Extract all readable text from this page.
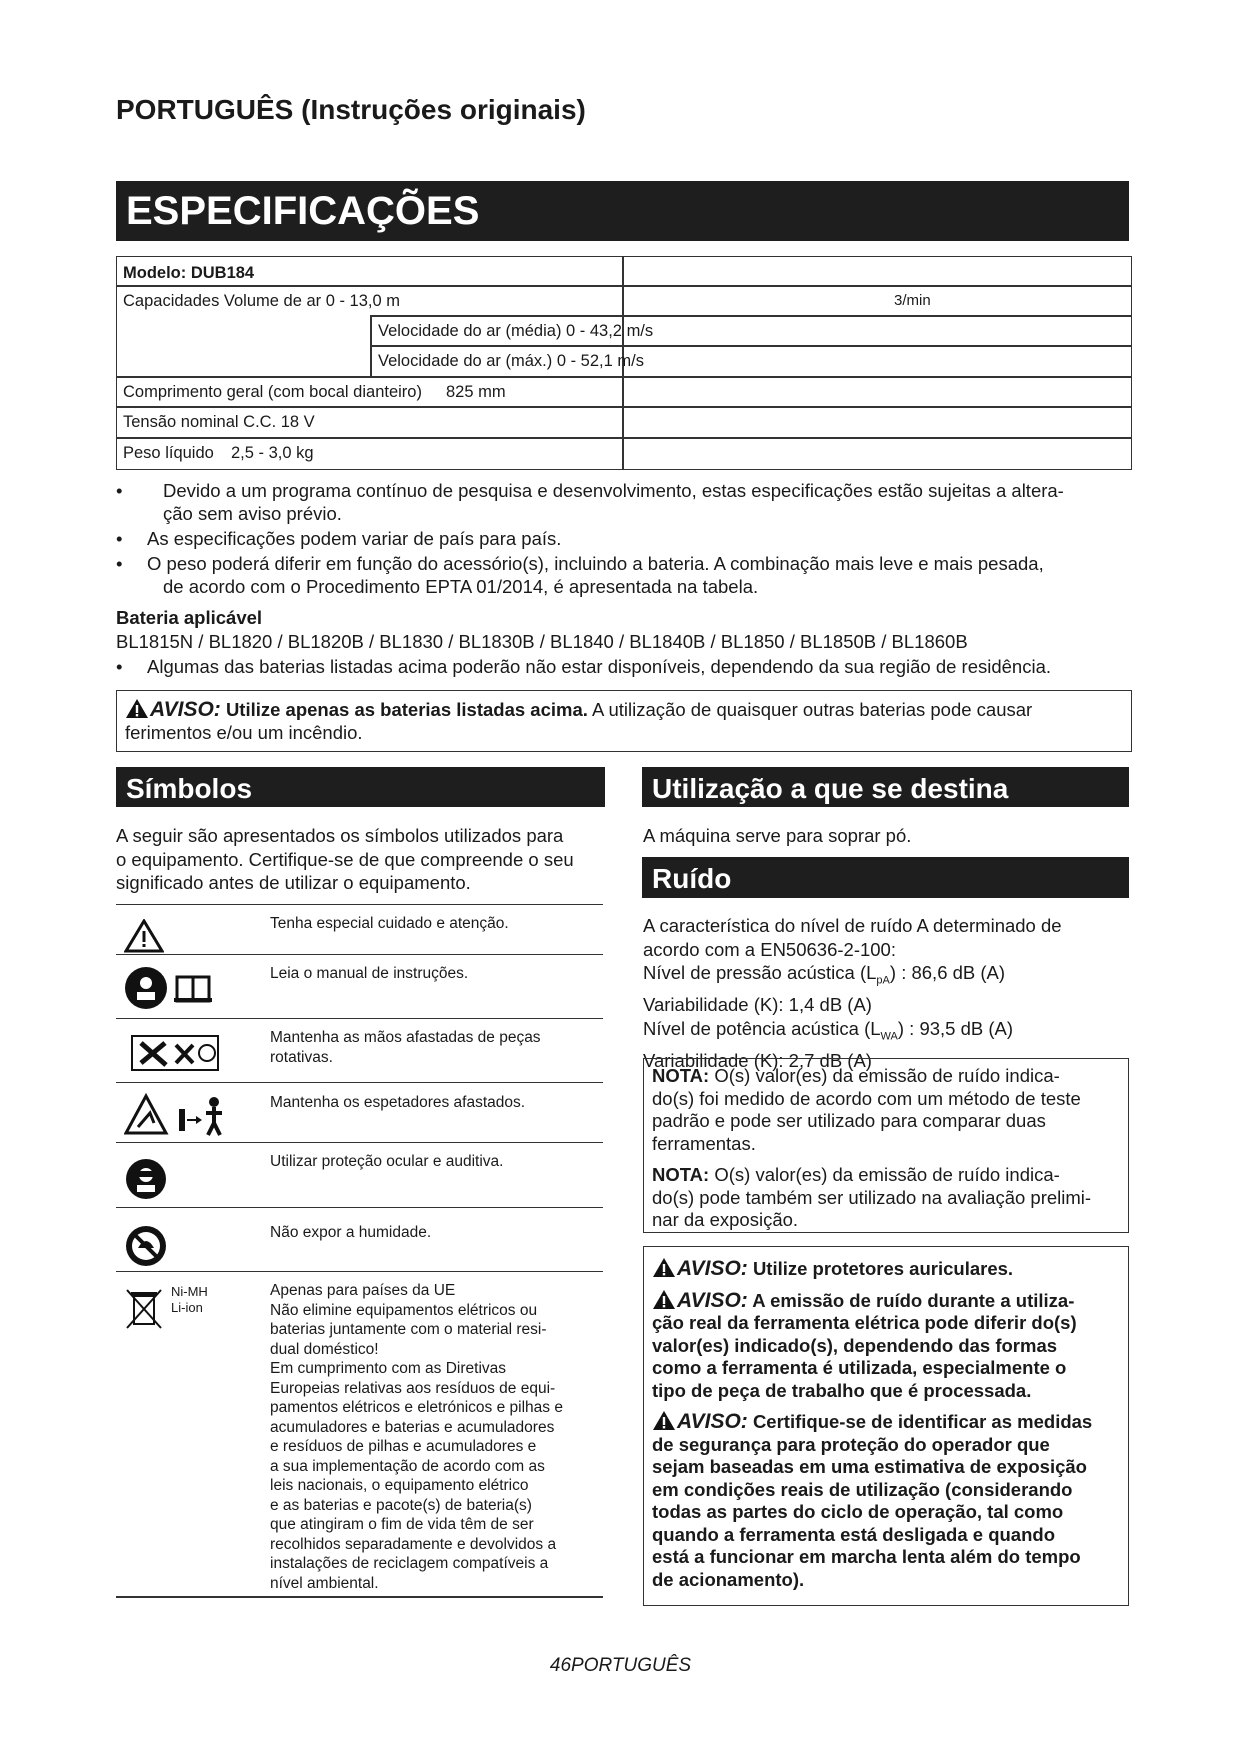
PORTUGUÊS (Instruções originais)
ESPECIFICAÇÕES
Modelo: DUB184
Capacidades Volume de ar 0 - 13,0 m	3/min
Velocidade do ar (média) 0 - 43,2 m/s
Velocidade do ar (máx.) 0 - 52,1 m/s
Comprimento geral (com bocal dianteiro) 825 mm
Tensão nominal C.C. 18 V
Peso líquido 2,5 - 3,0 kg
•	Devido a um programa contínuo de pesquisa e desenvolvimento, estas especificações estão sujeitas a altera-
ção sem aviso prévio.
•	As especificações podem variar de país para país.
•	O peso poderá diferir em função do acessório(s), incluindo a bateria. A combinação mais leve e mais pesada,
de acordo com o Procedimento EPTA 01/2014, é apresentada na tabela.
Bateria aplicável
BL1815N / BL1820 / BL1820B / BL1830 / BL1830B / BL1840 / BL1840B / BL1850 / BL1850B / BL1860B
•	Algumas das baterias listadas acima poderão não estar disponíveis, dependendo da sua região de residência.
AVISO: Utilize apenas as baterias listadas acima. A utilização de quaisquer outras baterias pode causar
ferimentos e/ou um incêndio.
Símbolos
A seguir são apresentados os símbolos utilizados para
o equipamento. Certifique-se de que compreende o seu
significado antes de utilizar o equipamento.
Tenha especial cuidado e atenção.
Leia o manual de instruções.
Mantenha as mãos afastadas de peças rotativas.
Mantenha os espetadores afastados.
Utilizar proteção ocular e auditiva.
Não expor a humidade.
Ni-MH
Li-ion
Apenas para países da UE
Não elimine equipamentos elétricos ou
baterias juntamente com o material resi-
dual doméstico!
Em cumprimento com as Diretivas
Europeias relativas aos resíduos de equi-
pamentos elétricos e eletrónicos e pilhas e
acumuladores e baterias e acumuladores
e resíduos de pilhas e acumuladores e
a sua implementação de acordo com as
leis nacionais, o equipamento elétrico
e as baterias e pacote(s) de bateria(s)
que atingiram o fim de vida têm de ser
recolhidos separadamente e devolvidos a
instalações de reciclagem compatíveis a
nível ambiental.
Utilização a que se destina
A máquina serve para soprar pó.
Ruído
A característica do nível de ruído A determinado de
acordo com a EN50636-2-100:
Nível de pressão acústica $(L_{pA})$ : 86,6 dB (A)
Variabilidade (K): 1,4 dB (A)
Nível de potência acústica $(L_{WA})$ : 93,5 dB (A)
Variabilidade (K): 2,7 dB (A)
NOTA: O(s) valor(es) da emissão de ruído indica-
do(s) foi medido de acordo com um método de teste
padrão e pode ser utilizado para comparar duas
ferramentas.
NOTA: O(s) valor(es) da emissão de ruído indica-
do(s) pode também ser utilizado na avaliação prelimi-
nar da exposição.

AVISO: Utilize protetores auriculares.

AVISO: A emissão de ruído durante a utiliza-
ção real da ferramenta elétrica pode diferir do(s)
valor(es) indicado(s), dependendo das formas
como a ferramenta é utilizada, especialmente o
tipo de peça de trabalho que é processada.

AVISO: Certifique-se de identificar as medidas
de segurança para proteção do operador que
sejam baseadas em uma estimativa de exposição
em condições reais de utilização (considerando
todas as partes do ciclo de operação, tal como
quando a ferramenta está desligada e quando
está a funcionar em marcha lenta além do tempo
de acionamento).

46PORTUGUÊS
